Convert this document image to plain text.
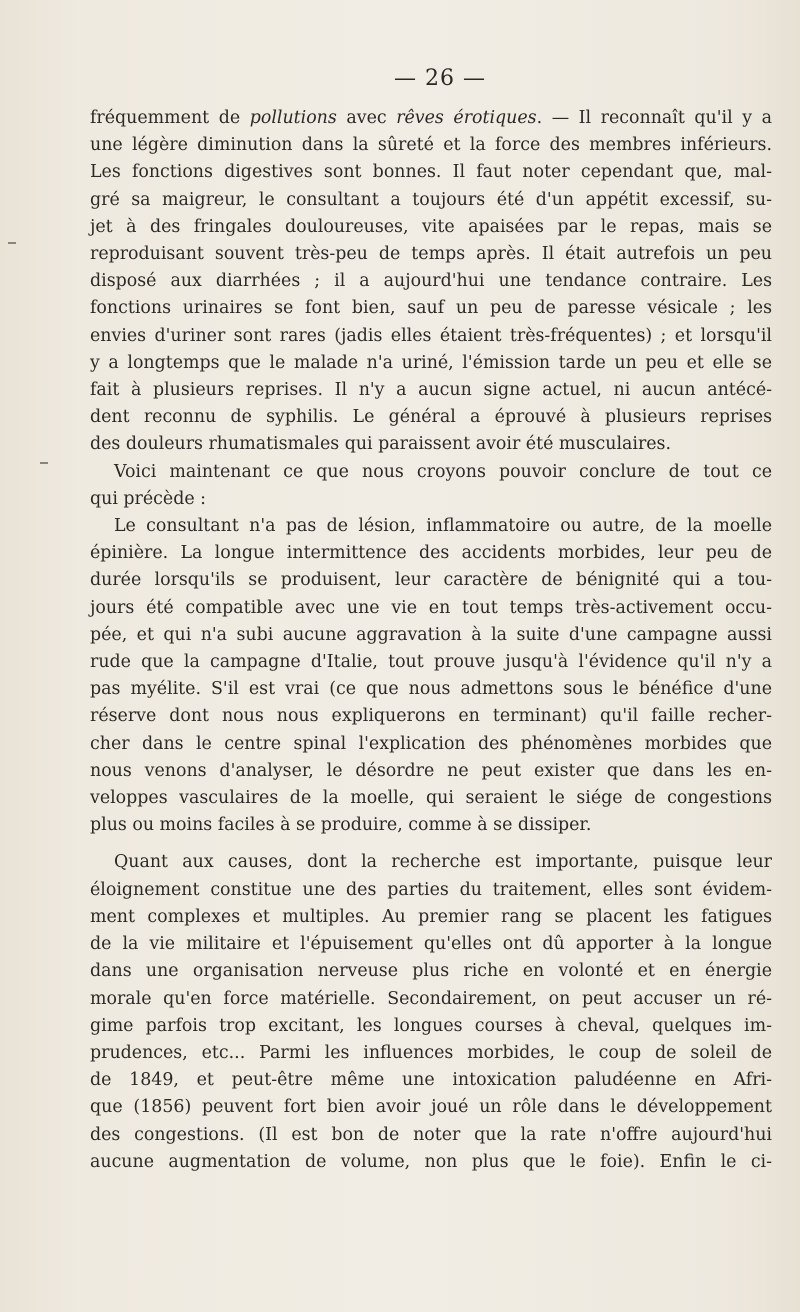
— 26 —
fréquemment de pollutions avec rêves érotiques. — Il reconnaît qu'il y a
une légère diminution dans la sûreté et la force des membres inférieurs.
Les fonctions digestives sont bonnes. Il faut noter cependant que, mal-
gré sa maigreur, le consultant a toujours été d'un appétit excessif, su-
jet à des fringales douloureuses, vite apaisées par le repas, mais se
reproduisant souvent très-peu de temps après. Il était autrefois un peu
disposé aux diarrhées ; il a aujourd'hui une tendance contraire. Les
fonctions urinaires se font bien, sauf un peu de paresse vésicale ; les
envies d'uriner sont rares (jadis elles étaient très-fréquentes) ; et lorsqu'il
y a longtemps que le malade n'a uriné, l'émission tarde un peu et elle se
fait à plusieurs reprises. Il n'y a aucun signe actuel, ni aucun antécé-
dent reconnu de syphilis. Le général a éprouvé à plusieurs reprises
des douleurs rhumatismales qui paraissent avoir été musculaires.
Voici maintenant ce que nous croyons pouvoir conclure de tout ce
qui précède :
Le consultant n'a pas de lésion, inflammatoire ou autre, de la moelle
épinière. La longue intermittence des accidents morbides, leur peu de
durée lorsqu'ils se produisent, leur caractère de bénignité qui a tou-
jours été compatible avec une vie en tout temps très-activement occu-
pée, et qui n'a subi aucune aggravation à la suite d'une campagne aussi
rude que la campagne d'Italie, tout prouve jusqu'à l'évidence qu'il n'y a
pas myélite. S'il est vrai (ce que nous admettons sous le bénéfice d'une
réserve dont nous nous expliquerons en terminant) qu'il faille recher-
cher dans le centre spinal l'explication des phénomènes morbides que
nous venons d'analyser, le désordre ne peut exister que dans les en-
veloppes vasculaires de la moelle, qui seraient le siége de congestions
plus ou moins faciles à se produire, comme à se dissiper.
Quant aux causes, dont la recherche est importante, puisque leur
éloignement constitue une des parties du traitement, elles sont évidem-
ment complexes et multiples. Au premier rang se placent les fatigues
de la vie militaire et l'épuisement qu'elles ont dû apporter à la longue
dans une organisation nerveuse plus riche en volonté et en énergie
morale qu'en force matérielle. Secondairement, on peut accuser un ré-
gime parfois trop excitant, les longues courses à cheval, quelques im-
prudences, etc... Parmi les influences morbides, le coup de soleil de
de 1849, et peut-être même une intoxication paludéenne en Afri-
que (1856) peuvent fort bien avoir joué un rôle dans le développement
des congestions. (Il est bon de noter que la rate n'offre aujourd'hui
aucune augmentation de volume, non plus que le foie). Enfin le ci-
